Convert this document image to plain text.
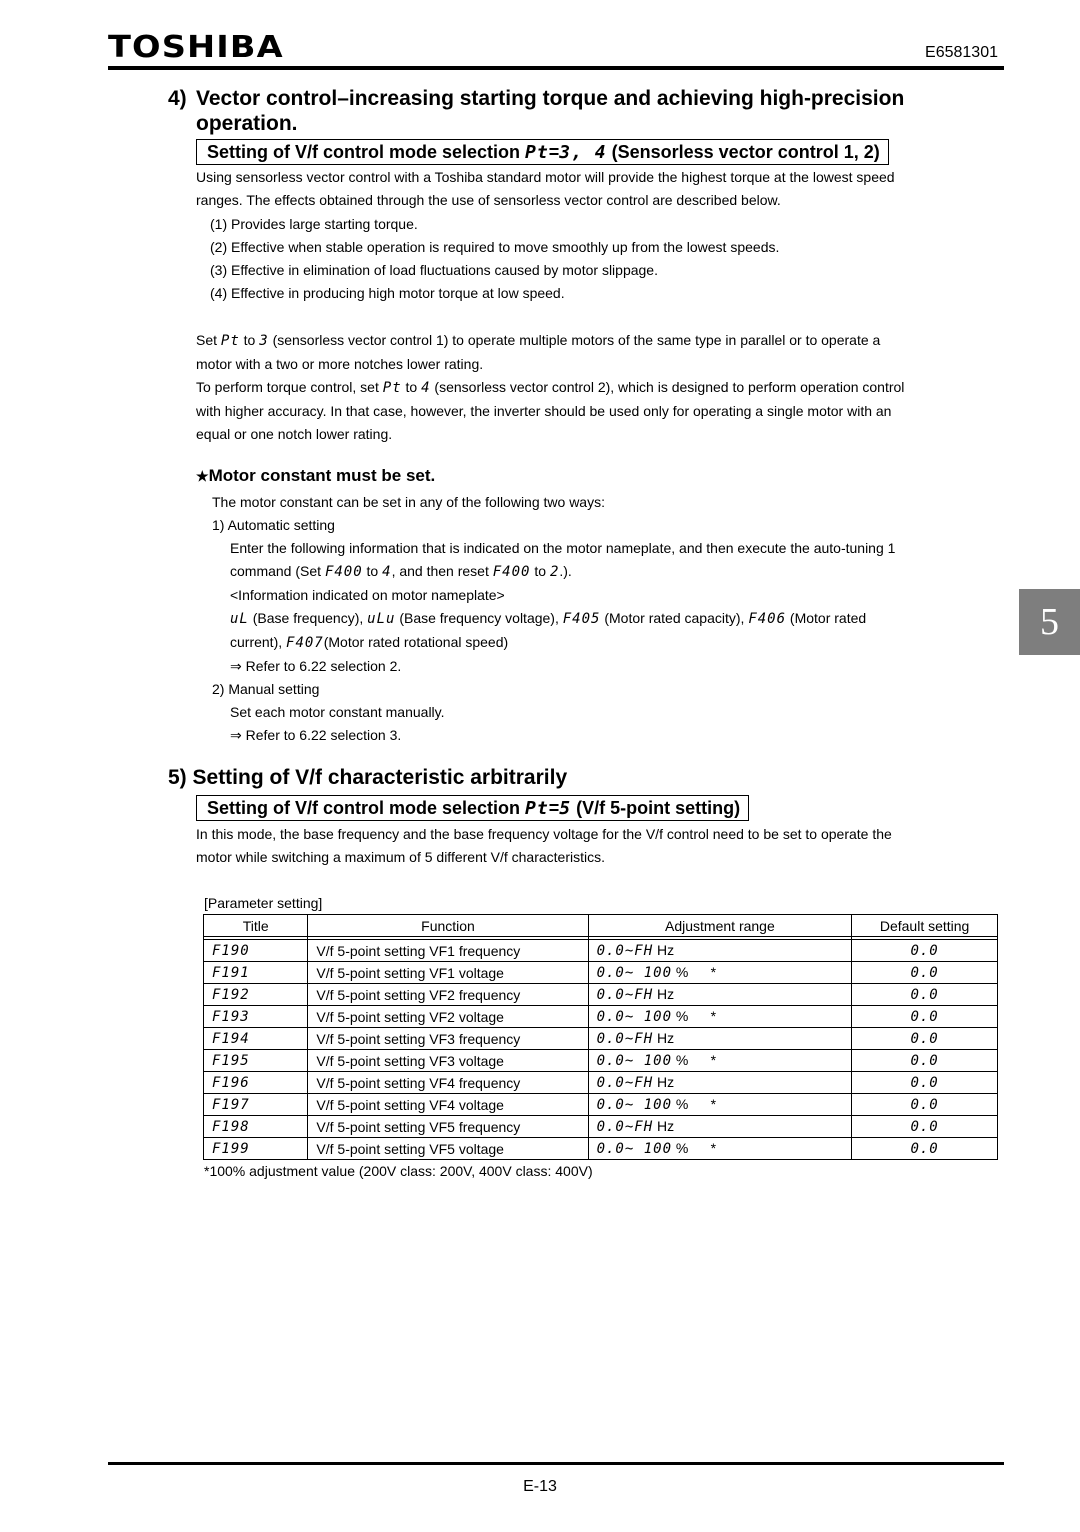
TOSHIBA	E6581301
4) Vector control–increasing starting torque and achieving high-precision
operation.
Setting of V/f control mode selection Pt=3, 4 (Sensorless vector control 1, 2)
Using sensorless vector control with a Toshiba standard motor will provide the highest torque at the lowest speed
ranges. The effects obtained through the use of sensorless vector control are described below.
(1) Provides large starting torque.
(2) Effective when stable operation is required to move smoothly up from the lowest speeds.
(3) Effective in elimination of load fluctuations caused by motor slippage.
(4) Effective in producing high motor torque at low speed.
Set Pt to 3 (sensorless vector control 1) to operate multiple motors of the same type in parallel or to operate a
motor with a two or more notches lower rating.
To perform torque control, set Pt to 4 (sensorless vector control 2), which is designed to perform operation control
with higher accuracy. In that case, however, the inverter should be used only for operating a single motor with an
equal or one notch lower rating.
★Motor constant must be set.
The motor constant can be set in any of the following two ways:
1) Automatic setting
Enter the following information that is indicated on the motor nameplate, and then execute the auto-tuning 1
command (Set F400 to 4, and then reset F400 to 2.).
<Information indicated on motor nameplate>
uL (Base frequency), uLu (Base frequency voltage), F405 (Motor rated capacity), F406 (Motor rated
current), F407(Motor rated rotational speed)
⇒ Refer to 6.22 selection 2.
2) Manual setting
Set each motor constant manually.
⇒ Refer to 6.22 selection 3.
5
5) Setting of V/f characteristic arbitrarily
Setting of V/f control mode selection Pt=5 (V/f 5-point setting)
In this mode, the base frequency and the base frequency voltage for the V/f control need to be set to operate the
motor while switching a maximum of 5 different V/f characteristics.
[Parameter setting]
Title	Function	Adjustment range	Default setting

F190	V/f 5-point setting VF1 frequency	0.0~FH Hz	0.0
F191	V/f 5-point setting VF1 voltage	0.0~ 100 % *	0.0
F192	V/f 5-point setting VF2 frequency	0.0~FH Hz	0.0
F193	V/f 5-point setting VF2 voltage	0.0~ 100 % *	0.0
F194	V/f 5-point setting VF3 frequency	0.0~FH Hz	0.0
F195	V/f 5-point setting VF3 voltage	0.0~ 100 % *	0.0
F196	V/f 5-point setting VF4 frequency	0.0~FH Hz	0.0
F197	V/f 5-point setting VF4 voltage	0.0~ 100 % *	0.0
F198	V/f 5-point setting VF5 frequency	0.0~FH Hz	0.0
F199	V/f 5-point setting VF5 voltage	0.0~ 100 % *	0.0
*100% adjustment value (200V class: 200V, 400V class: 400V)
E-13
